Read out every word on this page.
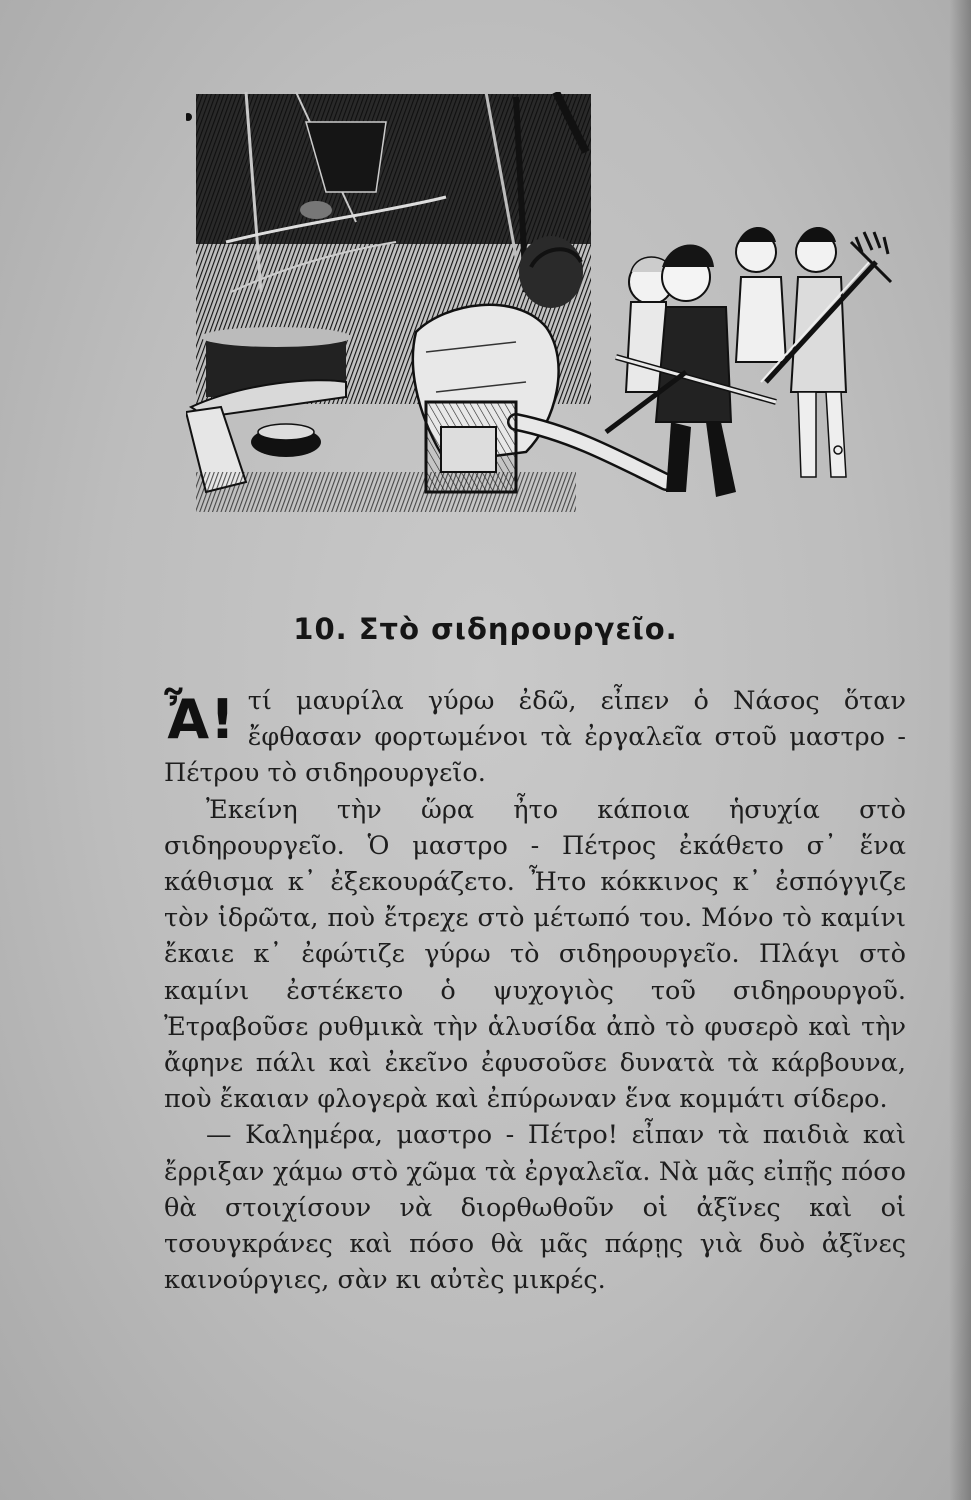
10. Στὸ σιδηρουργεῖο.

Ἆ! τί μαυρίλα γύρω ἐδῶ, εἶπεν ὁ Νάσος ὅταν ἔφθασαν φορτωμένοι τὰ ἐργαλεῖα στοῦ μαστρο - Πέτρου τὸ σιδηρουργεῖο.

Ἐκείνη τὴν ὥρα ἦτο κάποια ἡσυχία στὸ σιδηρουργεῖο. Ὁ μαστρο - Πέτρος ἐκάθετο σ᾽ ἕνα κάθισμα κ᾽ ἐξεκουράζετο. Ἦτο κόκκινος κ᾽ ἐσπόγγιζε τὸν ἱδρῶτα, ποὺ ἔτρεχε στὸ μέτωπό του. Μόνο τὸ καμίνι ἔκαιε κ᾽ ἐφώτιζε γύρω τὸ σιδηρουργεῖο. Πλάγι στὸ καμίνι ἐστέκετο ὁ ψυχογιὸς τοῦ σιδηρουργοῦ. Ἐτραβοῦσε ρυθμικὰ τὴν ἁλυσίδα ἀπὸ τὸ φυσερὸ καὶ τὴν ἄφηνε πάλι καὶ ἐκεῖνο ἐφυσοῦσε δυνατὰ τὰ κάρβουνα, ποὺ ἔκαιαν φλογερὰ καὶ ἐπύρωναν ἕνα κομμάτι σίδερο.

— Καλημέρα, μαστρο - Πέτρο! εἶπαν τὰ παιδιὰ καὶ ἔρριξαν χάμω στὸ χῶμα τὰ ἐργαλεῖα. Νὰ μᾶς εἰπῇς πόσο θὰ στοιχίσουν νὰ διορθωθοῦν οἱ ἀξῖνες καὶ οἱ τσουγκράνες καὶ πόσο θὰ μᾶς πάρῃς γιὰ δυὸ ἀξῖνες καινούργιες, σὰν κι αὐτὲς μικρές.
